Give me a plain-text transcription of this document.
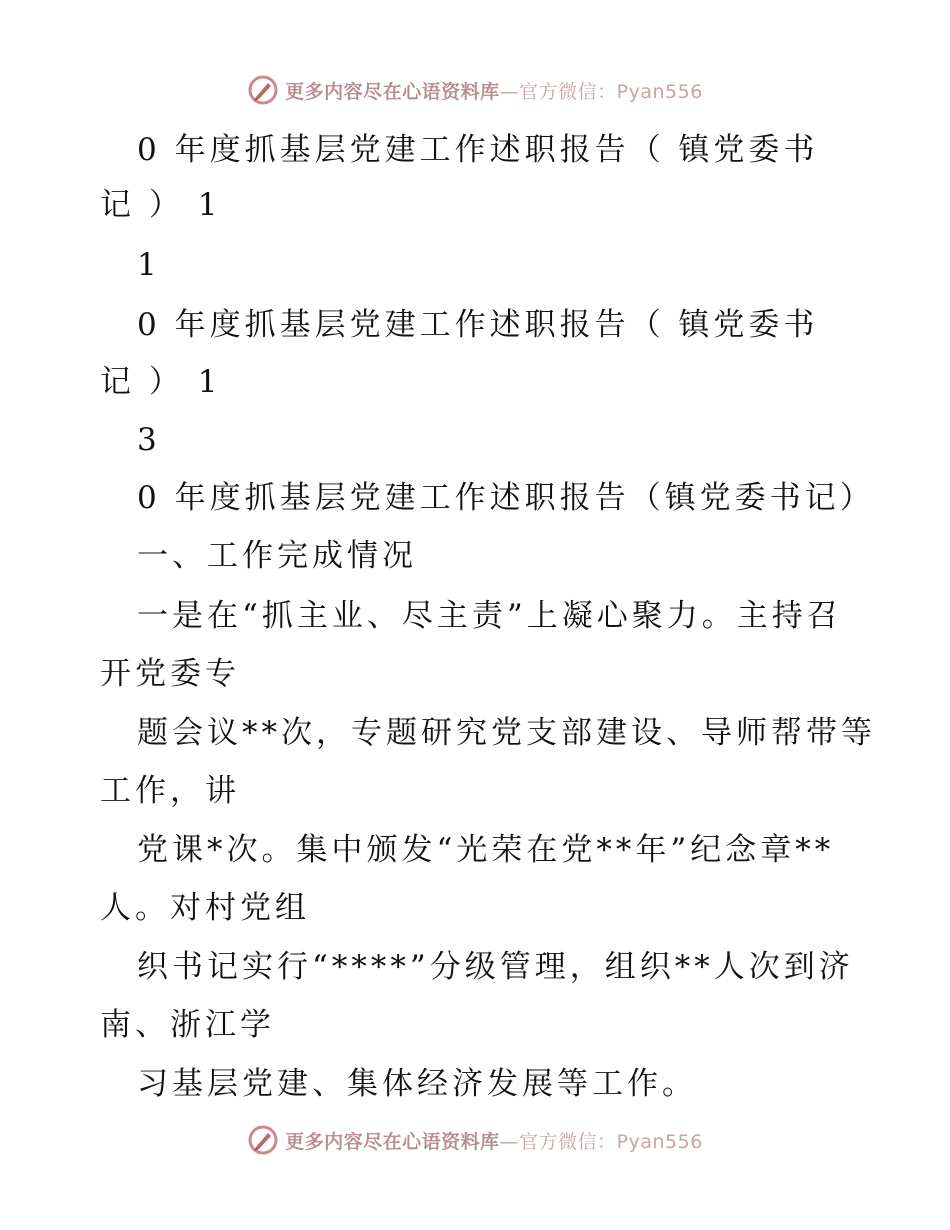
更多内容尽在心语资料库—官方微信：Pyan556
0 年度抓基层党建工作述职报告（ 镇党委书
记 ） 1
1
0 年度抓基层党建工作述职报告（ 镇党委书
记 ） 1
3
0 年度抓基层党建工作述职报告（镇党委书记）
一、工作完成情况
一是在“抓主业、尽主责”上凝心聚力。主持召
开党委专
题会议**次，专题研究党支部建设、导师帮带等
工作，讲
党课*次。集中颁发“光荣在党**年”纪念章**
人。对村党组
织书记实行“****”分级管理，组织**人次到济
南、浙江学
习基层党建、集体经济发展等工作。
更多内容尽在心语资料库—官方微信：Pyan556
